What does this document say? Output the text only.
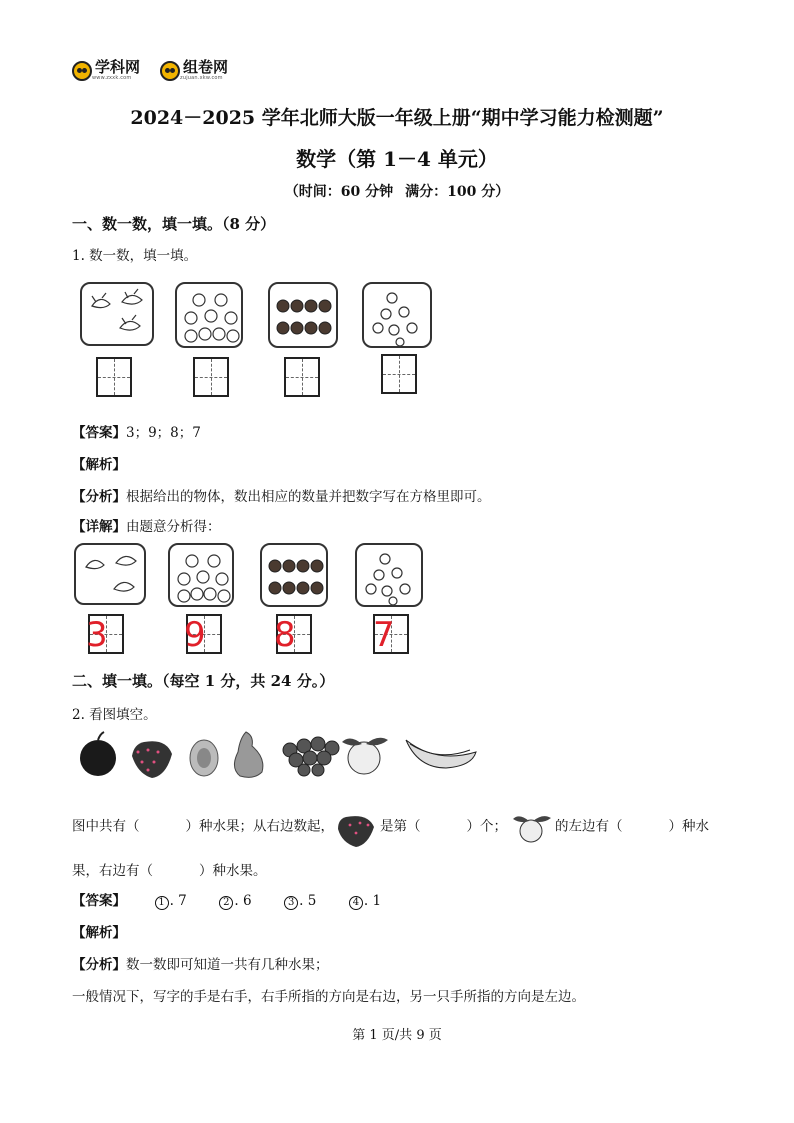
学科网
www.zxxk.com
组卷网
zujuan.xkw.com
2024－2025 学年北师大版一年级上册“期中学习能力检测题”
数学（第 1－4 单元）
（时间：60 分钟 满分：100 分）
一、数一数，填一填。（8 分）
1. 数一数，填一填。
【答案】3；9；8；7
【解析】
【分析】根据给出的物体，数出相应的数量并把数字写在方格里即可。
【详解】由题意分析得：
3 9 8 7
二、填一填。（每空 1 分，共 24 分。）
2. 看图填空。
图中共有（	）种水果；从右边数起，	是第（	）个；	的左边有（	）种水
果，右边有（	）种水果。
【答案】	1 . 7	2 . 6	3 . 5	4 . 1
【解析】
【分析】数一数即可知道一共有几种水果；
一般情况下，写字的手是右手，右手所指的方向是右边，另一只手所指的方向是左边。
第 1 页/共 9 页
